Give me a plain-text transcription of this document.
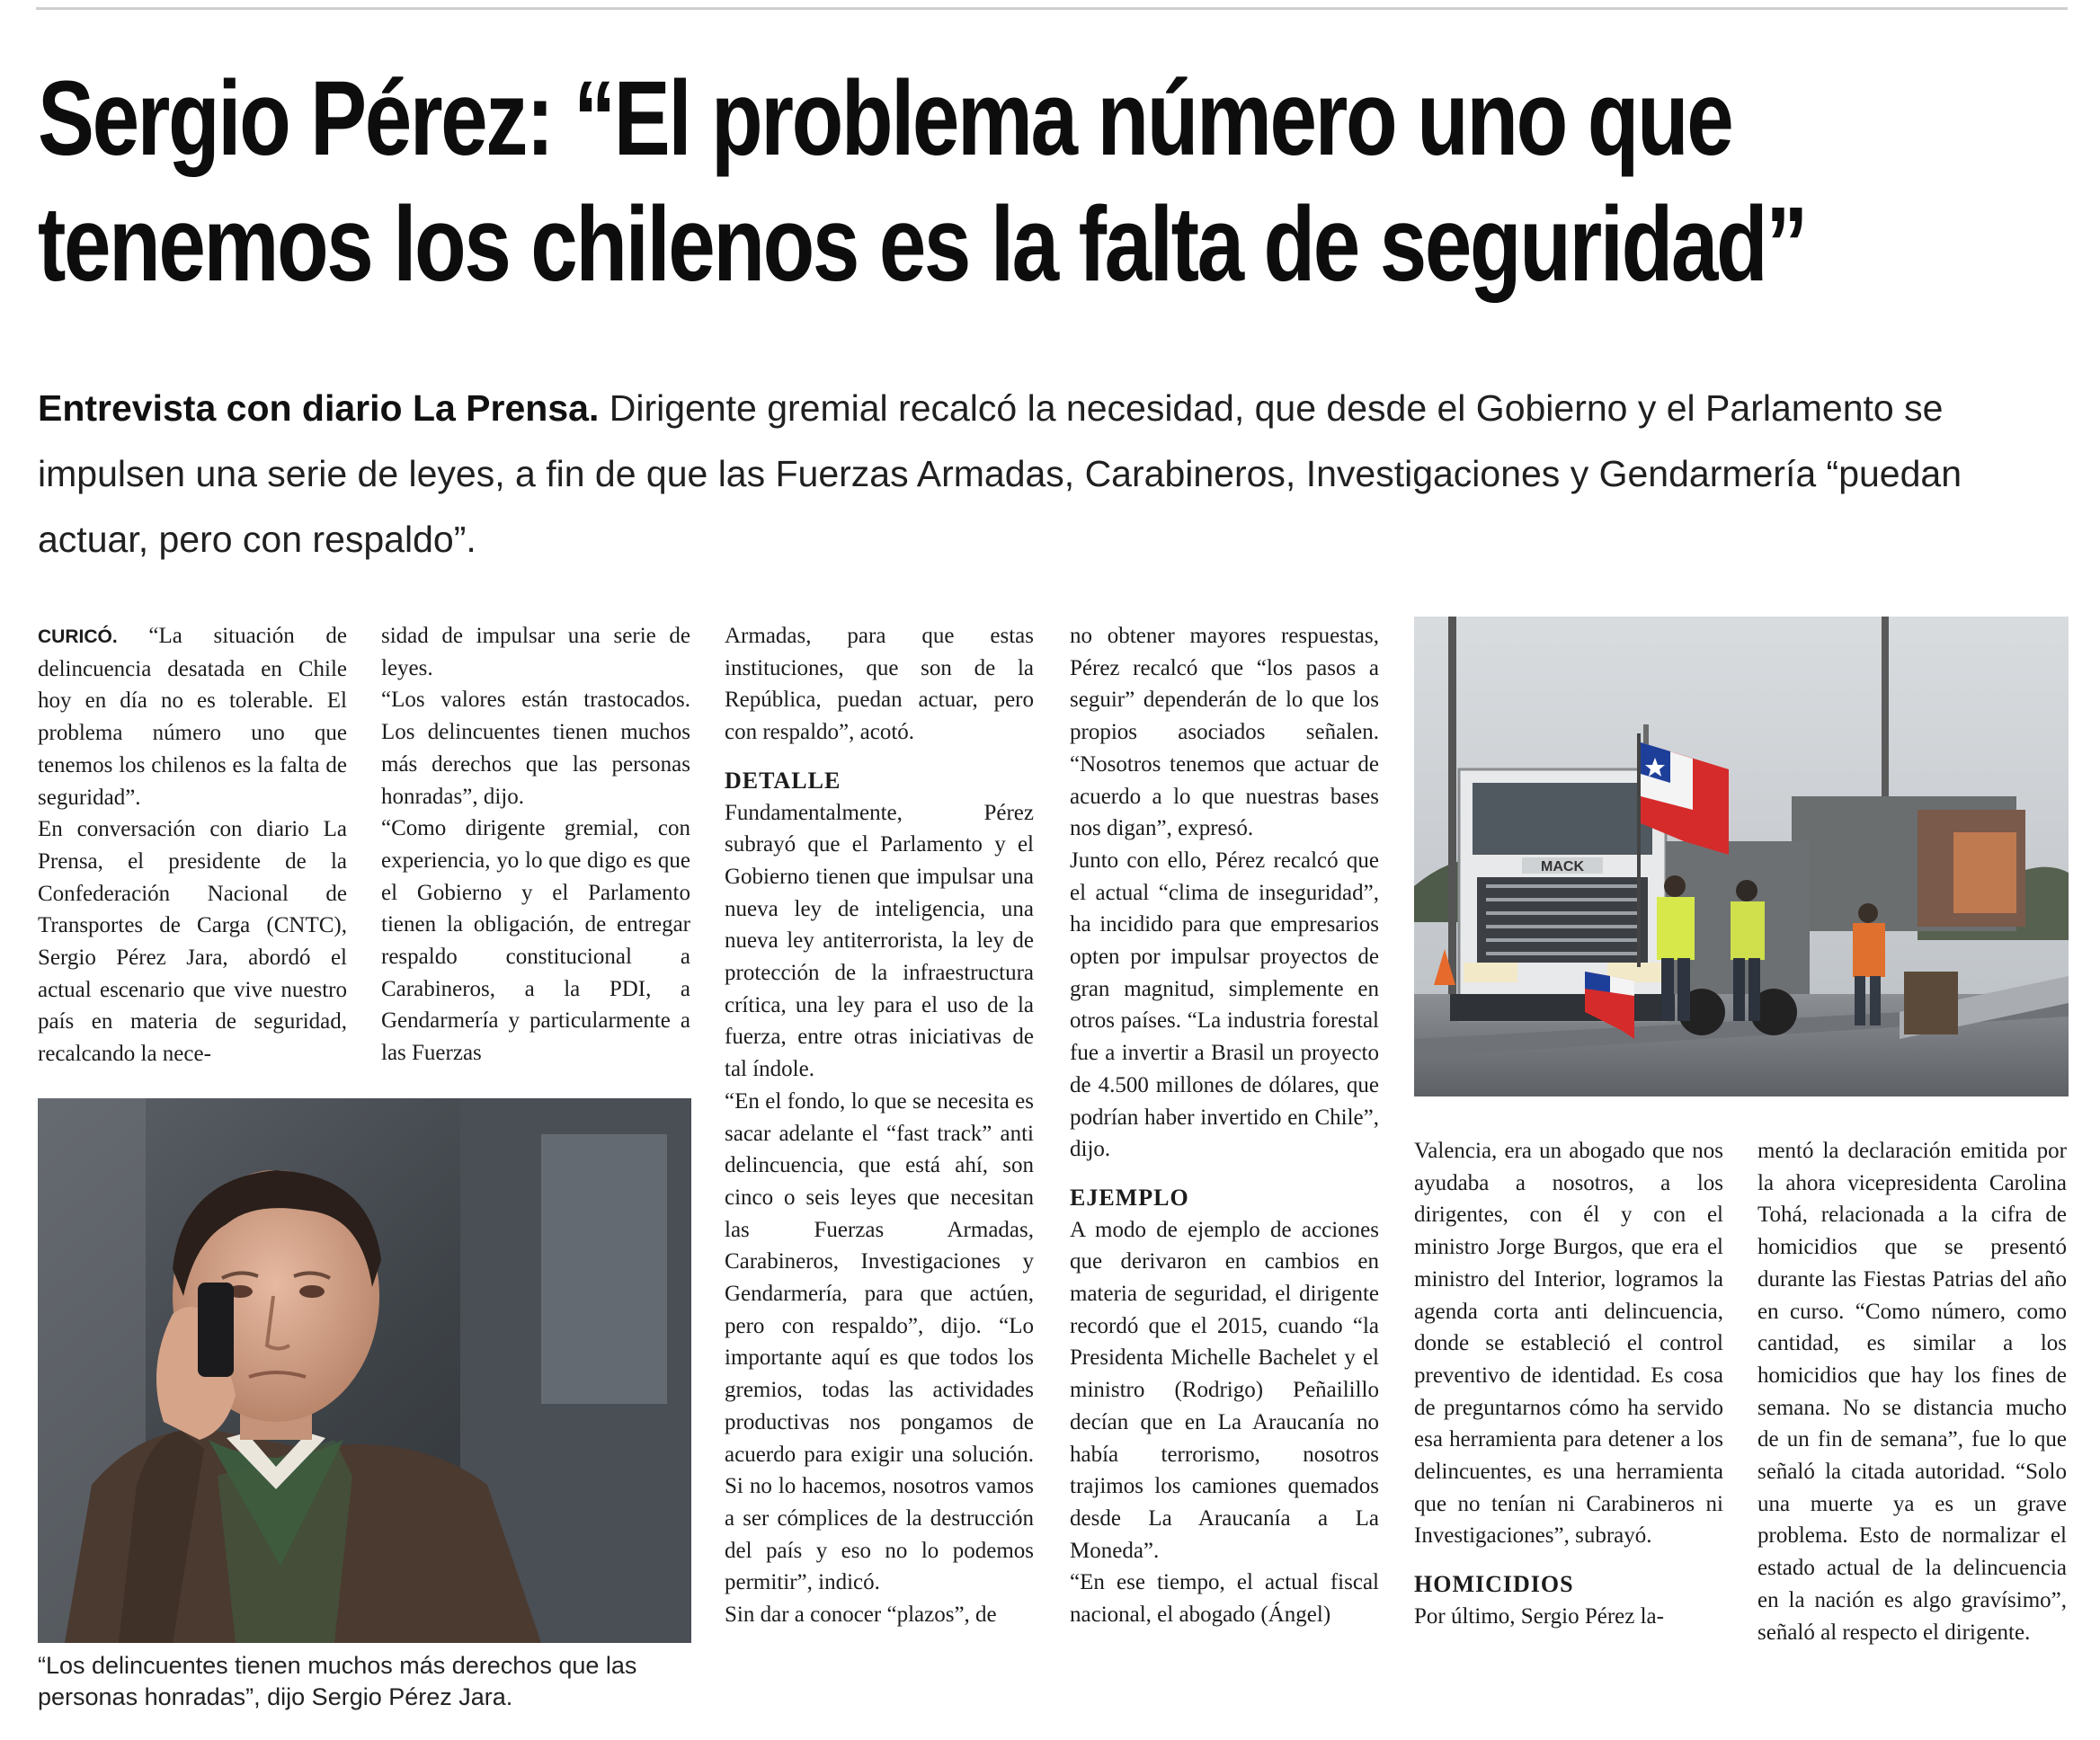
Sergio Pérez: “El problema número uno que
tenemos los chilenos es la falta de seguridad”

Entrevista con diario La Prensa. Dirigente gremial recalcó la necesidad, que desde el Gobierno y el Parlamento se impulsen una serie de leyes, a fin de que las Fuerzas Armadas, Carabineros, Investigaciones y Gendarmería “puedan actuar, pero con respaldo”.

CURICÓ. “La situación de delincuencia desatada en Chile hoy en día no es tolerable. El problema número uno que tenemos los chilenos es la falta de seguridad”.

En conversación con diario La Prensa, el presidente de la Confederación Nacional de Transportes de Carga (CNTC), Sergio Pérez Jara, abordó el actual escenario que vive nuestro país en materia de seguridad, recalcando la nece-

sidad de impulsar una serie de leyes.

“Los valores están trastocados. Los delincuentes tienen muchos más derechos que las personas honradas”, dijo.

“Como dirigente gremial, con experiencia, yo lo que digo es que el Gobierno y el Parlamento tienen la obligación, de entregar respaldo constitucional a Carabineros, a la PDI, a Gendarmería y particularmente a las Fuerzas

Armadas, para que estas instituciones, que son de la República, puedan actuar, pero con respaldo”, acotó.

DETALLE

Fundamentalmente, Pérez subrayó que el Parlamento y el Gobierno tienen que impulsar una nueva ley de inteligencia, una nueva ley antiterrorista, la ley de protección de la infraestructura crítica, una ley para el uso de la fuerza, entre otras iniciativas de tal índole.

“En el fondo, lo que se necesita es sacar adelante el “fast track” anti delincuencia, que está ahí, son cinco o seis leyes que necesitan las Fuerzas Armadas, Carabineros, Investigaciones y Gendarmería, para que actúen, pero con respaldo”, dijo. “Lo importante aquí es que todos los gremios, todas las actividades productivas nos pongamos de acuerdo para exigir una solución. Si no lo hacemos, nosotros vamos a ser cómplices de la destrucción del país y eso no lo podemos permitir”, indicó.

Sin dar a conocer “plazos”, de

no obtener mayores respuestas, Pérez recalcó que “los pasos a seguir” dependerán de lo que los propios asociados señalen. “Nosotros tenemos que actuar de acuerdo a lo que nuestras bases nos digan”, expresó.

Junto con ello, Pérez recalcó que el actual “clima de inseguridad”, ha incidido para que empresarios opten por impulsar proyectos de gran magnitud, simplemente en otros países. “La industria forestal fue a invertir a Brasil un proyecto de 4.500 millones de dólares, que podrían haber invertido en Chile”, dijo.

EJEMPLO

A modo de ejemplo de acciones que derivaron en cambios en materia de seguridad, el dirigente recordó que el 2015, cuando “la Presidenta Michelle Bachelet y el ministro (Rodrigo) Peñailillo decían que en La Araucanía no había terrorismo, nosotros trajimos los camiones quemados desde La Araucanía a La Moneda”.

“En ese tiempo, el actual fiscal nacional, el abogado (Ángel)

Valencia, era un abogado que nos ayudaba a nosotros, a los dirigentes, con él y con el ministro Jorge Burgos, que era el ministro del Interior, logramos la agenda corta anti delincuencia, donde se estableció el control preventivo de identidad. Es cosa de preguntarnos cómo ha servido esa herramienta para detener a los delincuentes, es una herramienta que no tenían ni Carabineros ni Investigaciones”, subrayó.

HOMICIDIOS

Por último, Sergio Pérez la-

mentó la declaración emitida por la ahora vicepresidenta Carolina Tohá, relacionada a la cifra de homicidios que se presentó durante las Fiestas Patrias del año en curso. “Como número, como cantidad, es similar a los homicidios que hay los fines de semana. No se distancia mucho de un fin de semana”, fue lo que señaló la citada autoridad. “Solo una muerte ya es un grave problema. Esto de normalizar el estado actual de la delincuencia en la nación es algo gravísimo”, señaló al respecto el dirigente.

MACK

“Los delincuentes tienen muchos más derechos que las personas honradas”, dijo Sergio Pérez Jara.
